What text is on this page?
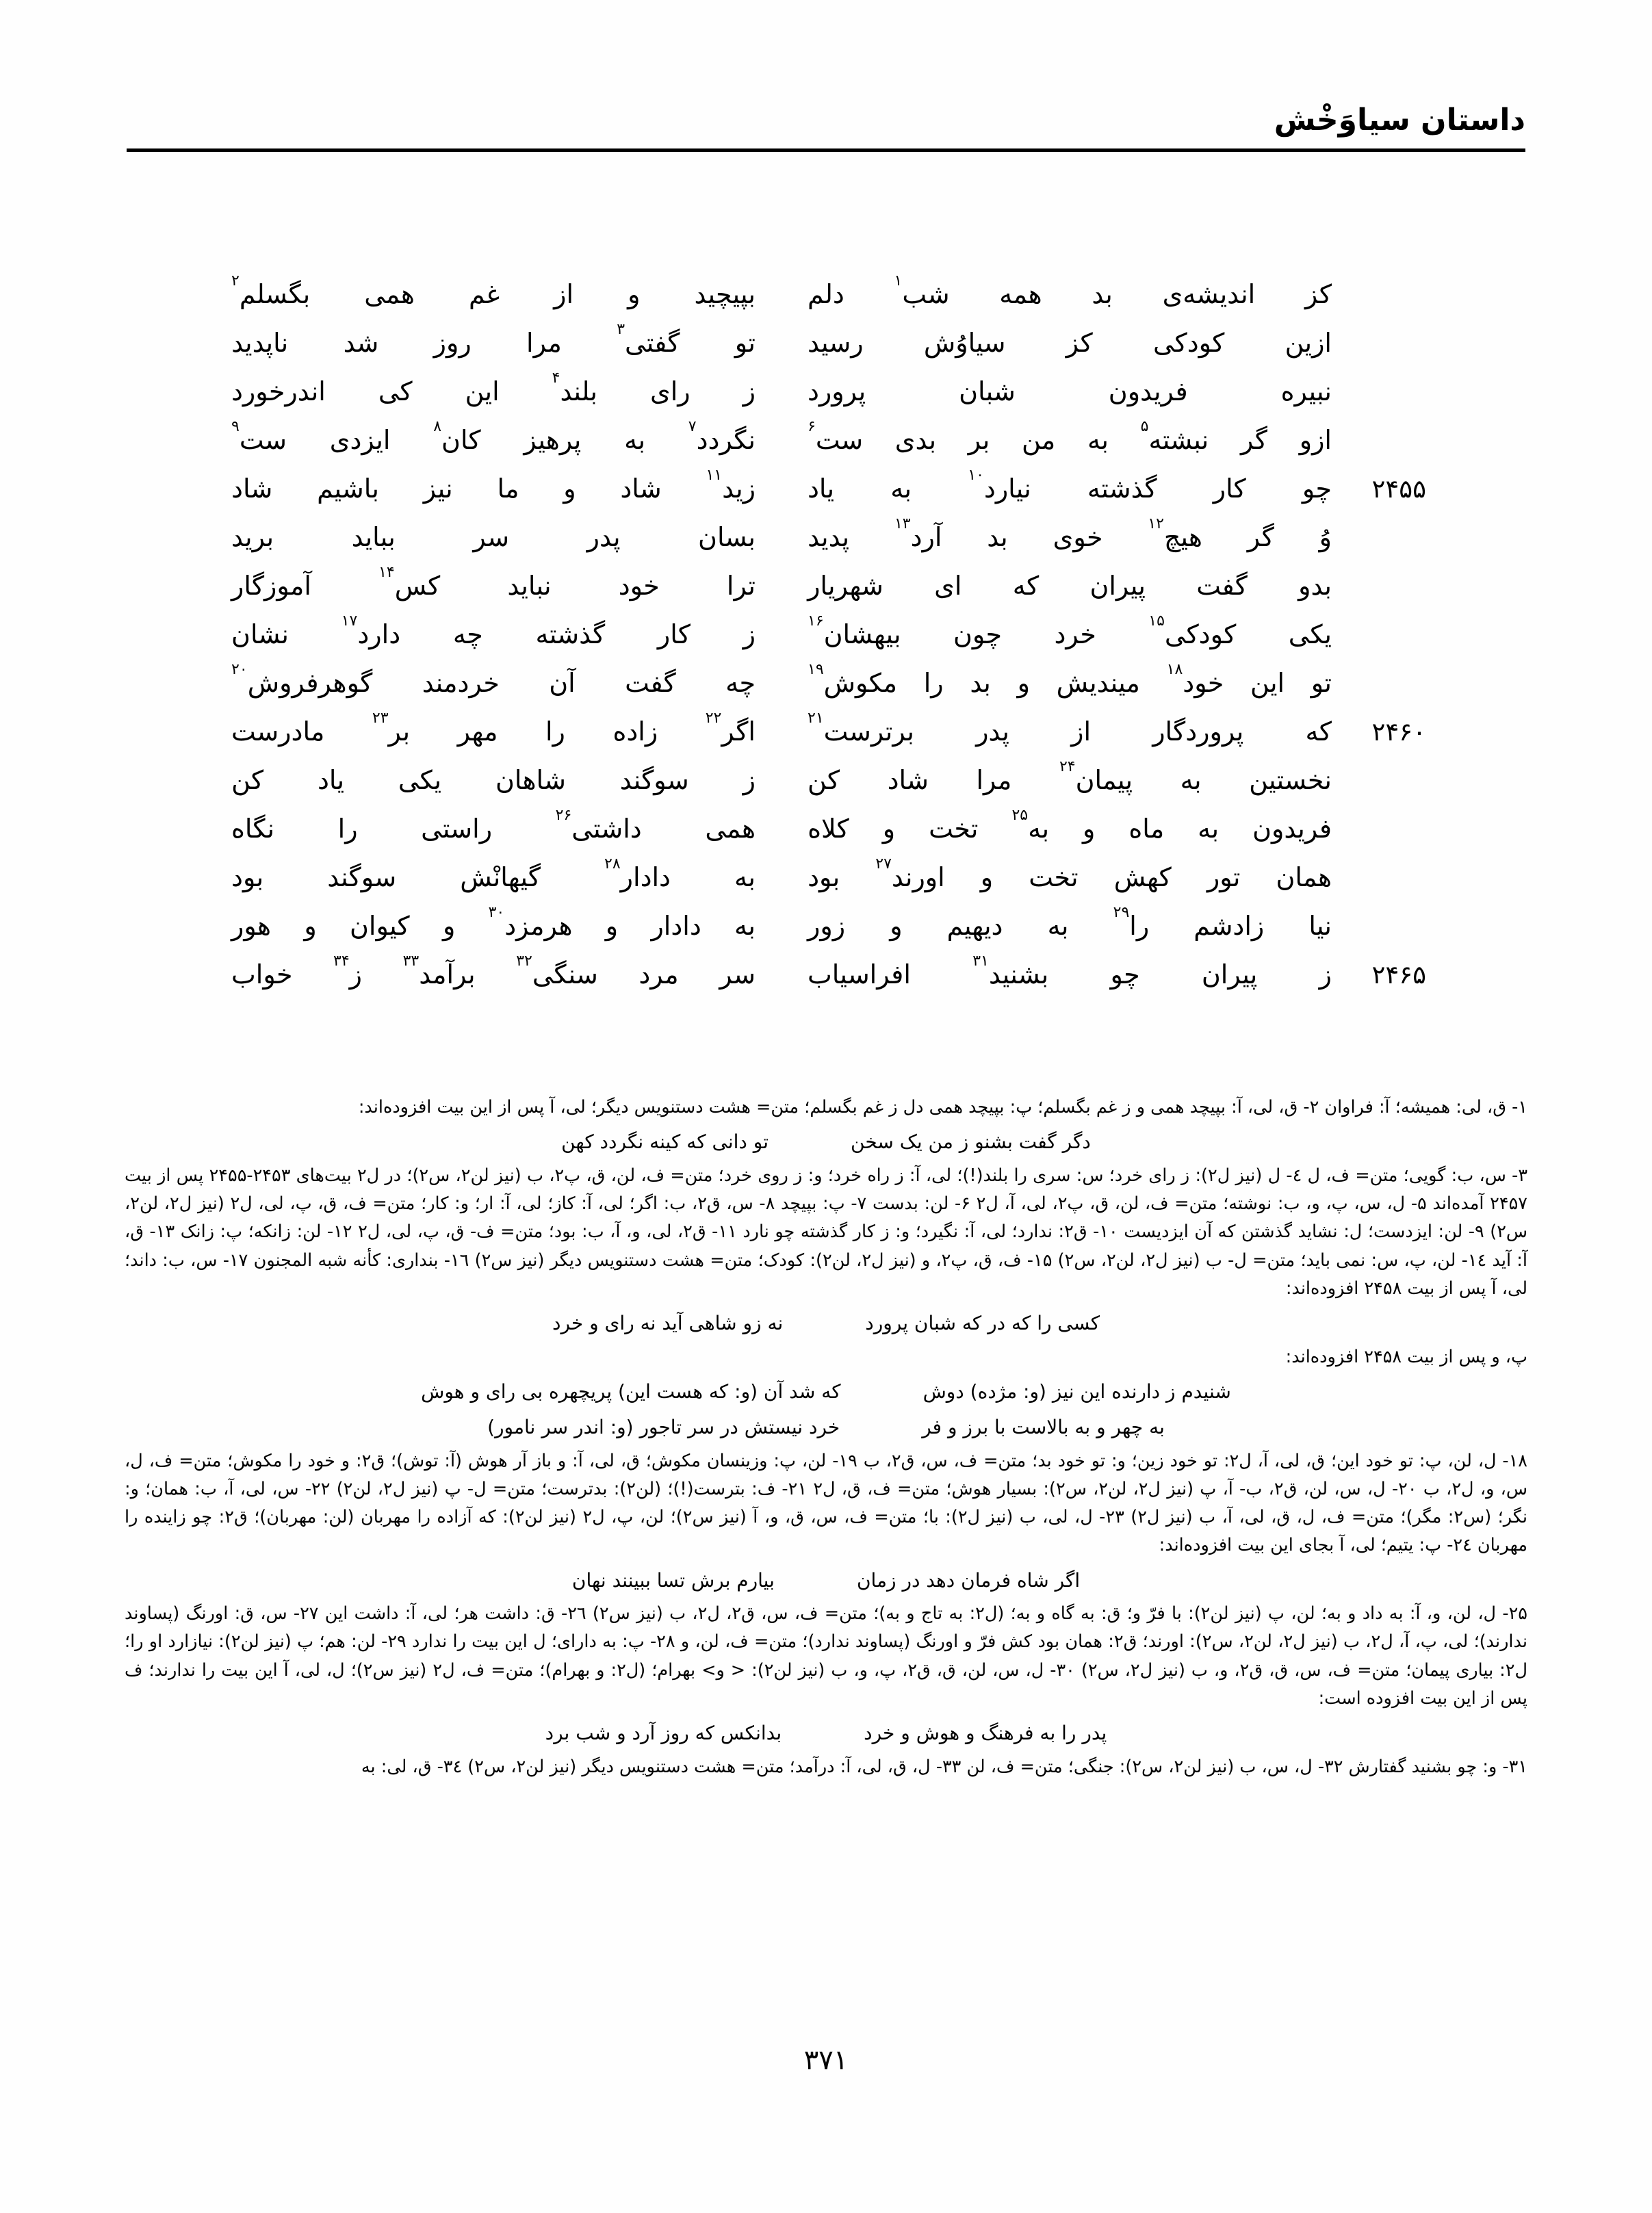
داستان سیاوَخْش
کز
اندیشه‌ی
بد
همه
شب$^۱$
دلم
بپیچید
و
از
غم
همی
بگسلم$^۲$
ازین
کودکی
کز
سیاوُش
رسید
تو
گفتی$^۳$
مرا
روز
شد
ناپدید
نبیره
فریدون
شبان
پرورد
ز
رای
بلند$^۴$
این
کی
اندرخورد
ازو
گر
نبشته$^۵$
به
من
بر
بدی
ست$^۶$
نگردد$^۷$
به
پرهیز
کان$^۸$
ایزدی
ست$^۹$
۲۴۵۵
چو
کار
گذشته
نیارد$^{۱۰}$
به
یاد
زید$^{۱۱}$
شاد
و
ما
نیز
باشیم
شاد
وُ
گر
هیچ$^{۱۲}$
خوی
بد
آرد$^{۱۳}$
پدید
بسان
پدر
سر
بباید
برید
بدو
گفت
پیران
که
ای
شهریار
ترا
خود
نباید
کس$^{۱۴}$
آموزگار
یکی
کودکی$^{۱۵}$
خرد
چون
بیهشان$^{۱۶}$
ز
کار
گذشته
چه
دارد$^{۱۷}$
نشان
تو
این
خود$^{۱۸}$
میندیش
و
بد
را
مکوش$^{۱۹}$
چه
گفت
آن
خردمند
گوهرفروش$^{۲۰}$
۲۴۶۰
که
پروردگار
از
پدر
برترست$^{۲۱}$
اگر$^{۲۲}$
زاده
را
مهر
بر$^{۲۳}$
مادرست
نخستین
به
پیمان$^{۲۴}$
مرا
شاد
کن
ز
سوگند
شاهان
یکی
یاد
کن
فریدون
به
ماه
و
به$^{۲۵}$
تخت
و
کلاه
همی
داشتی$^{۲۶}$
راستی
را
نگاه
همان
تور
کهش
تخت
و
اورند$^{۲۷}$
بود
به
دادار$^{۲۸}$
گیهانْش
سوگند
بود
نیا
زادشم
را$^{۲۹}$
به
دیهیم
و
زور
به
دادار
و
هرمزد$^{۳۰}$
و
کیوان
و
هور
۲۴۶۵
ز
پیران
چو
بشنید$^{۳۱}$
افراسیاب
سر
مرد
سنگی$^{۳۲}$
برآمد$^{۳۳}$
ز$^{۳۴}$
خواب

۱- ق، لی: همیشه؛ آ: فراوان ۲- ق، لی، آ: بپیچد همی و ز غم بگسلم؛ پ: بپیچد همی دل ز غم بگسلم؛ متن= هشت دستنویس دیگر؛ لی، آ پس از این بیت افزوده‌اند:

دگر گفت بشنو ز من یک سخن
تو دانی که کینه نگردد کهن

۳- س، ب: گویی؛ متن= ف، ل ٤- ل (نیز ل۲): ز رای خرد؛ س: سری را بلند(!)؛ لی، آ: ز راه خرد؛ و: ز روی خرد؛ متن= ف، لن، ق، پ۲، ب (نیز لن۲، س۲)؛ در ل۲ بیت‌های ۲۴۵۳-۲۴۵۵ پس از بیت ۲۴۵۷ آمده‌اند ۵- ل، س، پ، و، ب: نوشته؛ متن= ف، لن، ق، پ۲، لی، آ، ل۲ ۶- لن: بدست ۷- پ: بپیچد ۸- س، ق۲، ب: اگر؛ لی، آ: کاز؛ لی، آ: ار؛ و: کار؛ متن= ف، ق، پ، لی، ل۲ (نیز ل۲، لن۲، س۲) ۹- لن: ایزدست؛ ل: نشاید گذشتن که آن ایزدیست ۱۰- ق۲: ندارد؛ لی، آ: نگیرد؛ و: ز کار گذشته چو نارد ۱۱- ق۲، لی، و، آ، ب: بود؛ متن= ف- ق، پ، لی، ل۲ ۱۲- لن: زانکه؛ پ: زانک ۱۳- ق، آ: آید ۱٤- لن، پ، س: نمی باید؛ متن= ل- ب (نیز ل۲، لن۲، س۲) ۱۵- ف، ق، پ۲، و (نیز ل۲، لن۲): کودک؛ متن= هشت دستنویس دیگر (نیز س۲) ۱٦- بنداری: کأنه شبه المجنون ۱۷- س، ب: داند؛ لی، آ پس از بیت ۲۴۵۸ افزوده‌اند:

کسی را که در که شبان پرورد
نه زو شاهی آید نه رای و خرد

پ، و پس از بیت ۲۴۵۸ افزوده‌اند:

شنیدم ز دارنده این نیز (و: مژده) دوش
که شد آن (و: که هست این) پریچهره بی رای و هوش
به چهر و به بالاست با برز و فر
خرد نیستش در سر تاجور (و: اندر سر نامور)

۱۸- ل، لن، پ: تو خود این؛ ق، لی، آ، ل۲: تو خود زین؛ و: تو خود بد؛ متن= ف، س، ق۲، ب ۱۹- لن، پ: وزینسان مکوش؛ ق، لی، آ: و باز آر هوش (آ: توش)؛ ق۲: و خود را مکوش؛ متن= ف، ل، س، و، ل۲، ب ۲۰- ل، س، لن، ق۲، ب- آ، پ (نیز ل۲، لن۲، س۲): بسیار هوش؛ متن= ف، ق، ل۲ ۲۱- ف: بترست(!)؛ (لن۲): بدترست؛ متن= ل- پ (نیز ل۲، لن۲) ۲۲- س، لی، آ، ب: همان؛ و: نگر؛ (س۲: مگر)؛ متن= ف، ل، ق، لی، آ، ب (نیز ل۲) ۲۳- ل، لی، ب (نیز ل۲): با؛ متن= ف، س، ق، و، آ (نیز س۲)؛ لن، پ، ل۲ (نیز لن۲): که آزاده را مهربان (لن: مهربان)؛ ق۲: چو زاینده را مهربان ۲٤- پ: یتیم؛ لی، آ بجای این بیت افزوده‌اند:

اگر شاه فرمان دهد در زمان
بیارم برش تسا ببینند نهان

۲۵- ل، لن، و، آ: به داد و به؛ لن، پ (نیز لن۲): با فرّ و؛ ق: به گاه و به؛ (ل۲: به تاج و به)؛ متن= ف، س، ق۲، ل۲، ب (نیز س۲) ۲٦- ق: داشت هر؛ لی، آ: داشت این ۲۷- س، ق: اورنگ (پساوند ندارند)؛ لی، پ، آ، ل۲، ب (نیز ل۲، لن۲، س۲): اورند؛ ق۲: همان بود کش فرّ و اورنگ (پساوند ندارد)؛ متن= ف، لن، و ۲۸- پ: به دارای؛ ل این بیت را ندارد ۲۹- لن: هم؛ پ (نیز لن۲): نیازارد او را؛ ل۲: بیاری پیمان؛ متن= ف، س، ق، ق۲، و، ب (نیز ل۲، س۲) ۳۰- ل، س، لن، ق، ق۲، پ، و، ب (نیز لن۲): < و> بهرام؛ (ل۲: و بهرام)؛ متن= ف، ل۲ (نیز س۲)؛ ل، لی، آ این بیت را ندارند؛ ف پس از این بیت افزوده است:

پدر را به فرهنگ و هوش و خرد
بدانکس که روز آرد و شب برد

۳۱- و: چو بشنید گفتارش ۳۲- ل، س، ب (نیز لن۲، س۲): جنگی؛ متن= ف، لن ۳۳- ل، ق، لی، آ: درآمد؛ متن= هشت دستنویس دیگر (نیز لن۲، س۲) ۳٤- ق، لی: به

۳۷۱
